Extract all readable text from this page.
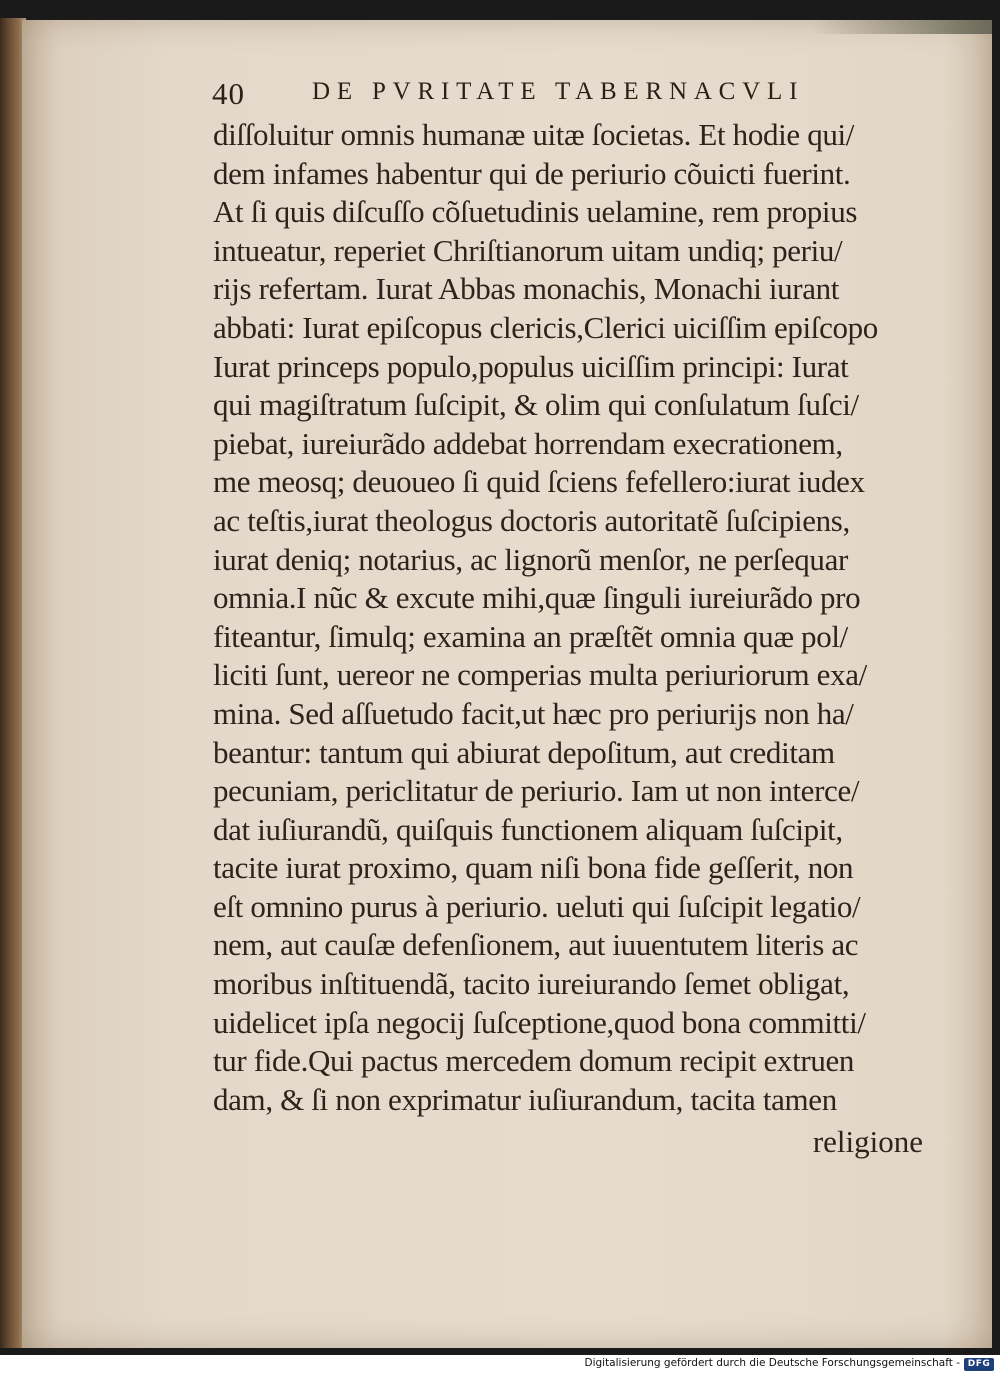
40	DE PVRITATE TABERNACVLI
diſſoluitur omnis humanæ uitæ ſocietas. Et hodie qui/
dem infames habentur qui de periurio cõuicti fuerint.
At ſi quis diſcuſſo cõſuetudinis uelamine, rem propius
intueatur, reperiet Chriſtianorum uitam undiq; periu/
rijs refertam. Iurat Abbas monachis, Monachi iurant
abbati: Iurat epiſcopus clericis,Clerici uiciſſim epiſcopo
Iurat princeps populo,populus uiciſſim principi: Iurat
qui magiſtratum ſuſcipit, & olim qui conſulatum ſuſci/
piebat, iureiurãdo addebat horrendam execrationem,
me meosq; deuoueo ſi quid ſciens fefellero:iurat iudex
ac teſtis,iurat theologus doctoris autoritatẽ ſuſcipiens,
iurat deniq; notarius, ac lignorũ menſor, ne perſequar
omnia.I nũc & excute mihi,quæ ſinguli iureiurãdo pro
fiteantur, ſimulq; examina an præſtẽt omnia quæ pol/
liciti ſunt, uereor ne comperias multa periuriorum exa/
mina. Sed aſſuetudo facit,ut hæc pro periurijs non ha/
beantur: tantum qui abiurat depoſitum, aut creditam
pecuniam, periclitatur de periurio. Iam ut non interce/
dat iuſiurandũ, quiſquis functionem aliquam ſuſcipit,
tacite iurat proximo, quam niſi bona fide geſſerit, non
eſt omnino purus à periurio. ueluti qui ſuſcipit legatio/
nem, aut cauſæ defenſionem, aut iuuentutem literis ac
moribus inſtituendã, tacito iureiurando ſemet obligat,
uidelicet ipſa negocij ſuſceptione,quod bona committi/
tur fide.Qui pactus mercedem domum recipit extruen
dam, & ſi non exprimatur iuſiurandum, tacita tamen
religione
Digitalisierung gefördert durch die Deutsche Forschungsgemeinschaft - DFG
